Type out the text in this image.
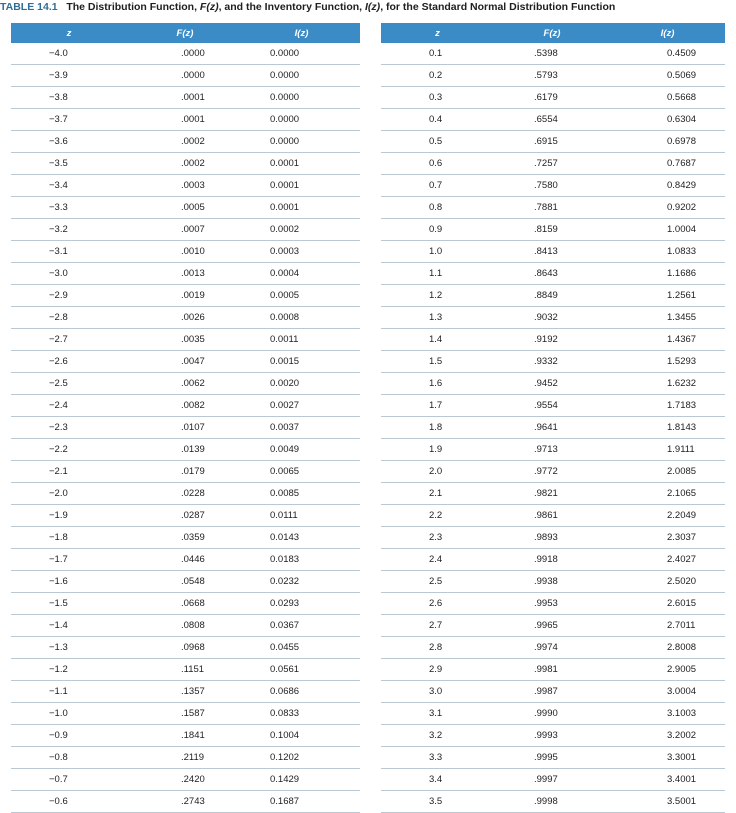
TABLE 14.1 The Distribution Function, F(z), and the Inventory Function, I(z), for the Standard Normal Distribution Function
z	F(z)	I(z)
−4.0	.0000	0.0000
−3.9	.0000	0.0000
−3.8	.0001	0.0000
−3.7	.0001	0.0000
−3.6	.0002	0.0000
−3.5	.0002	0.0001
−3.4	.0003	0.0001
−3.3	.0005	0.0001
−3.2	.0007	0.0002
−3.1	.0010	0.0003
−3.0	.0013	0.0004
−2.9	.0019	0.0005
−2.8	.0026	0.0008
−2.7	.0035	0.0011
−2.6	.0047	0.0015
−2.5	.0062	0.0020
−2.4	.0082	0.0027
−2.3	.0107	0.0037
−2.2	.0139	0.0049
−2.1	.0179	0.0065
−2.0	.0228	0.0085
−1.9	.0287	0.0111
−1.8	.0359	0.0143
−1.7	.0446	0.0183
−1.6	.0548	0.0232
−1.5	.0668	0.0293
−1.4	.0808	0.0367
−1.3	.0968	0.0455
−1.2	.1151	0.0561
−1.1	.1357	0.0686
−1.0	.1587	0.0833
−0.9	.1841	0.1004
−0.8	.2119	0.1202
−0.7	.2420	0.1429
−0.6	.2743	0.1687
z	F(z)	I(z)
0.1	.5398	0.4509
0.2	.5793	0.5069
0.3	.6179	0.5668
0.4	.6554	0.6304
0.5	.6915	0.6978
0.6	.7257	0.7687
0.7	.7580	0.8429
0.8	.7881	0.9202
0.9	.8159	1.0004
1.0	.8413	1.0833
1.1	.8643	1.1686
1.2	.8849	1.2561
1.3	.9032	1.3455
1.4	.9192	1.4367
1.5	.9332	1.5293
1.6	.9452	1.6232
1.7	.9554	1.7183
1.8	.9641	1.8143
1.9	.9713	1.9111
2.0	.9772	2.0085
2.1	.9821	2.1065
2.2	.9861	2.2049
2.3	.9893	2.3037
2.4	.9918	2.4027
2.5	.9938	2.5020
2.6	.9953	2.6015
2.7	.9965	2.7011
2.8	.9974	2.8008
2.9	.9981	2.9005
3.0	.9987	3.0004
3.1	.9990	3.1003
3.2	.9993	3.2002
3.3	.9995	3.3001
3.4	.9997	3.4001
3.5	.9998	3.5001
